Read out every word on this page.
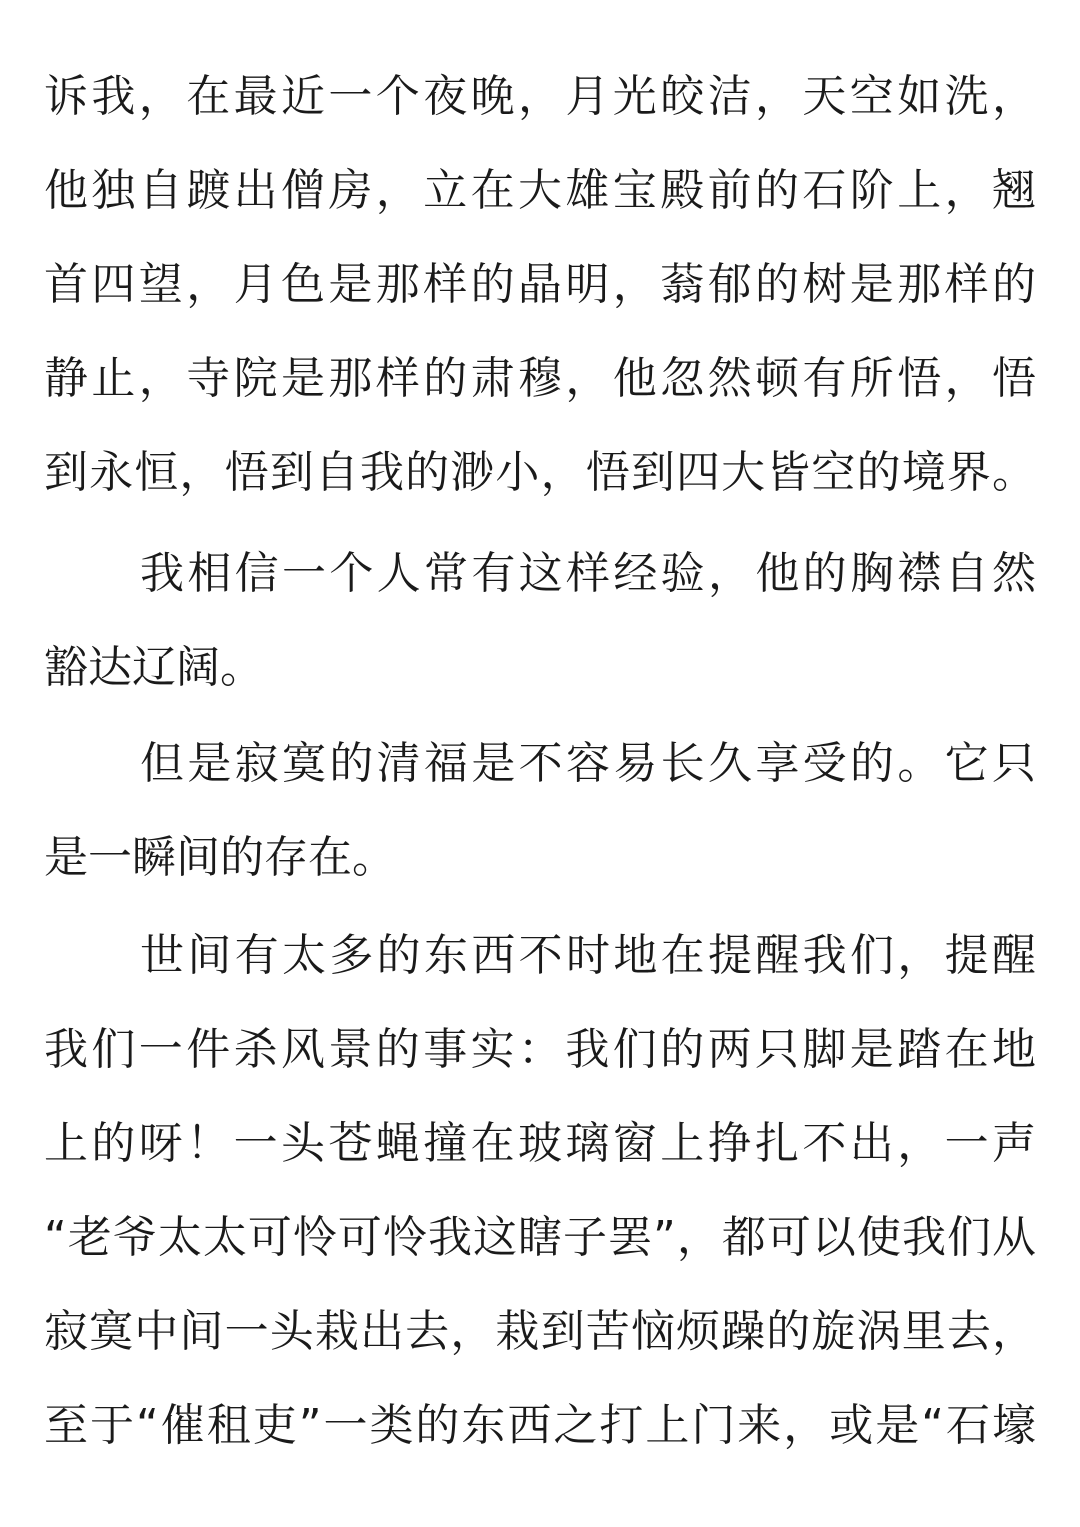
诉我，在最近一个夜晚，月光皎洁，天空如洗，
他独自踱出僧房，立在大雄宝殿前的石阶上，翘
首四望，月色是那样的晶明，蓊郁的树是那样的
静止，寺院是那样的肃穆，他忽然顿有所悟，悟
到永恒，悟到自我的渺小，悟到四大皆空的境界。
我相信一个人常有这样经验，他的胸襟自然
豁达辽阔。
但是寂寞的清福是不容易长久享受的。它只
是一瞬间的存在。
世间有太多的东西不时地在提醒我们，提醒
我们一件杀风景的事实：我们的两只脚是踏在地
上的呀！一头苍蝇撞在玻璃窗上挣扎不出，一声
“老爷太太可怜可怜我这瞎子罢”，都可以使我们从
寂寞中间一头栽出去，栽到苦恼烦躁的旋涡里去，
至于“催租吏”一类的东西之打上门来，或是“石壕
